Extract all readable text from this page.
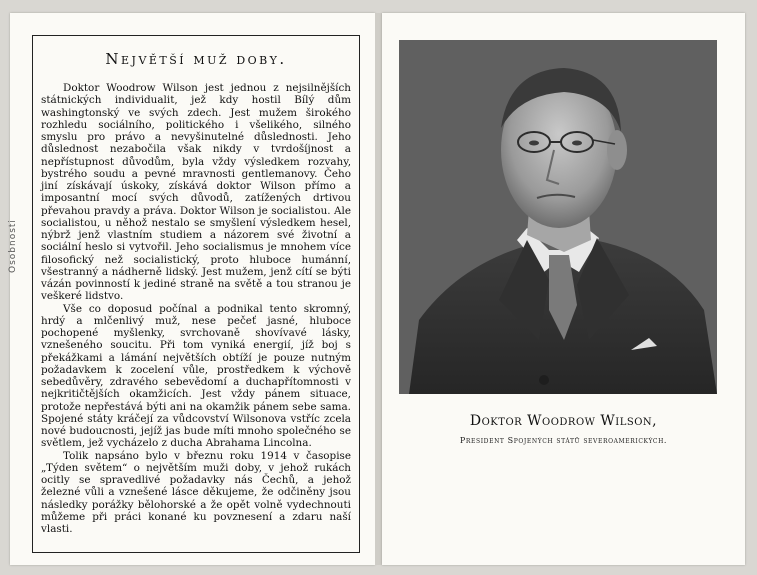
Největší muž doby.

Doktor Woodrow Wilson jest jednou z nejsilnějších státnických individualit, jež kdy hostil Bílý dům washingtonský ve svých zdech. Jest mužem širokého rozhledu sociálního, politického i všelikého, silného smyslu pro právo a nevyšinutelné důslednosti. Jeho důslednost nezabočila však nikdy v tvrdošíjnost a nepřístupnost důvodům, byla vždy výsledkem rozvahy, bystrého soudu a pevné mravnosti gentlemanovy. Čeho jiní získávají úskoky, získává doktor Wilson přímo a imposantní mocí svých důvodů, zatížených drtivou převahou pravdy a práva. Doktor Wilson je socialistou. Ale socialistou, u něhož nestalo se smyšlení výsledkem hesel, nýbrž jenž vlastním studiem a názorem své životní a sociální heslo si vytvořil. Jeho socialismus je mnohem více filosofický než socialistický, proto hluboce humánní, všestranný a nádherně lidský. Jest mužem, jenž cítí se býti vázán povinností k jediné straně na světě a tou stranou je veškeré lidstvo.

Vše co doposud počínal a podnikal tento skromný, hrdý a mlčenlivý muž, nese pečeť jasné, hluboce pochopené myšlenky, svrchovaně shovívavé lásky, vznešeného soucitu. Při tom vyniká energií, jíž boj s překážkami a lámání největších obtíží je pouze nutným požadavkem k zocelení vůle, prostředkem k výchově sebedůvěry, zdravého sebevědomí a duchapřítomnosti v nejkritičtějších okamžicích. Jest vždy pánem situace, protože nepřestává býti ani na okamžik pánem sebe sama. Spojené státy kráčejí za vůdcovství Wilsonova vstříc zcela nové budoucnosti, jejíž jas bude míti mnoho společného se světlem, jež vycházelo z ducha Abrahama Lincolna.

Tolik napsáno bylo v březnu roku 1914 v časopise „Týden světem“ o největším muži doby, v jehož rukách ocitly se spravedlivé požadavky nás Čechů, a jehož železné vůli a vznešené lásce děkujeme, že odčiněny jsou následky porážky bělohorské a že opět volně vydechnouti můžeme při práci konané ku povznesení a zdaru naší vlasti.

Osobnosti
Doktor Woodrow Wilson,
President Spojených států severoamerických.
